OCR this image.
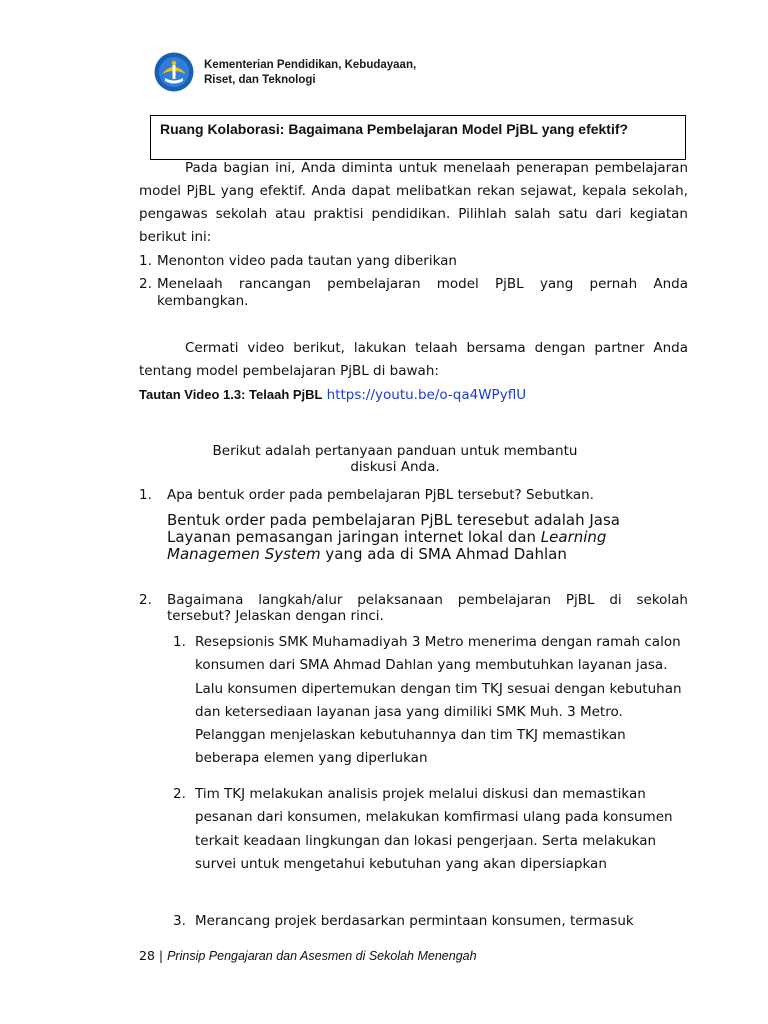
Kementerian Pendidikan, Kebudayaan,
Riset, dan Teknologi
Ruang Kolaborasi: Bagaimana Pembelajaran Model PjBL yang efektif?
Pada bagian ini, Anda diminta untuk menelaah penerapan pembelajaran model PjBL yang efektif. Anda dapat melibatkan rekan sejawat, kepala sekolah, pengawas sekolah atau praktisi pendidikan. Pilihlah salah satu dari kegiatan berikut ini:
1. Menonton video pada tautan yang diberikan
2. Menelaah rancangan pembelajaran model PjBL yang pernah Anda kembangkan.
Cermati video berikut, lakukan telaah bersama dengan partner Anda tentang model pembelajaran PjBL di bawah:
Tautan Video 1.3: Telaah PjBL https://youtu.be/o-qa4WPyflU
Berikut adalah pertanyaan panduan untuk membantu diskusi Anda.
1.	Apa bentuk order pada pembelajaran PjBL tersebut? Sebutkan.
Bentuk order pada pembelajaran PjBL teresebut adalah Jasa Layanan pemasangan jaringan internet lokal dan Learning Managemen System yang ada di SMA Ahmad Dahlan
2.	Bagaimana langkah/alur pelaksanaan pembelajaran PjBL di sekolah tersebut? Jelaskan dengan rinci.
1. Resepsionis SMK Muhamadiyah 3 Metro menerima dengan ramah calon konsumen dari SMA Ahmad Dahlan yang membutuhkan layanan jasa. Lalu konsumen dipertemukan dengan tim TKJ sesuai dengan kebutuhan dan ketersediaan layanan jasa yang dimiliki SMK Muh. 3 Metro. Pelanggan menjelaskan kebutuhannya dan tim TKJ memastikan beberapa elemen yang diperlukan
2. Tim TKJ melakukan analisis projek melalui diskusi dan memastikan pesanan dari konsumen, melakukan komfirmasi ulang pada konsumen terkait keadaan lingkungan dan lokasi pengerjaan. Serta melakukan survei untuk mengetahui kebutuhan yang akan dipersiapkan
3. Merancang projek berdasarkan permintaan konsumen, termasuk
28 | Prinsip Pengajaran dan Asesmen di Sekolah Menengah
